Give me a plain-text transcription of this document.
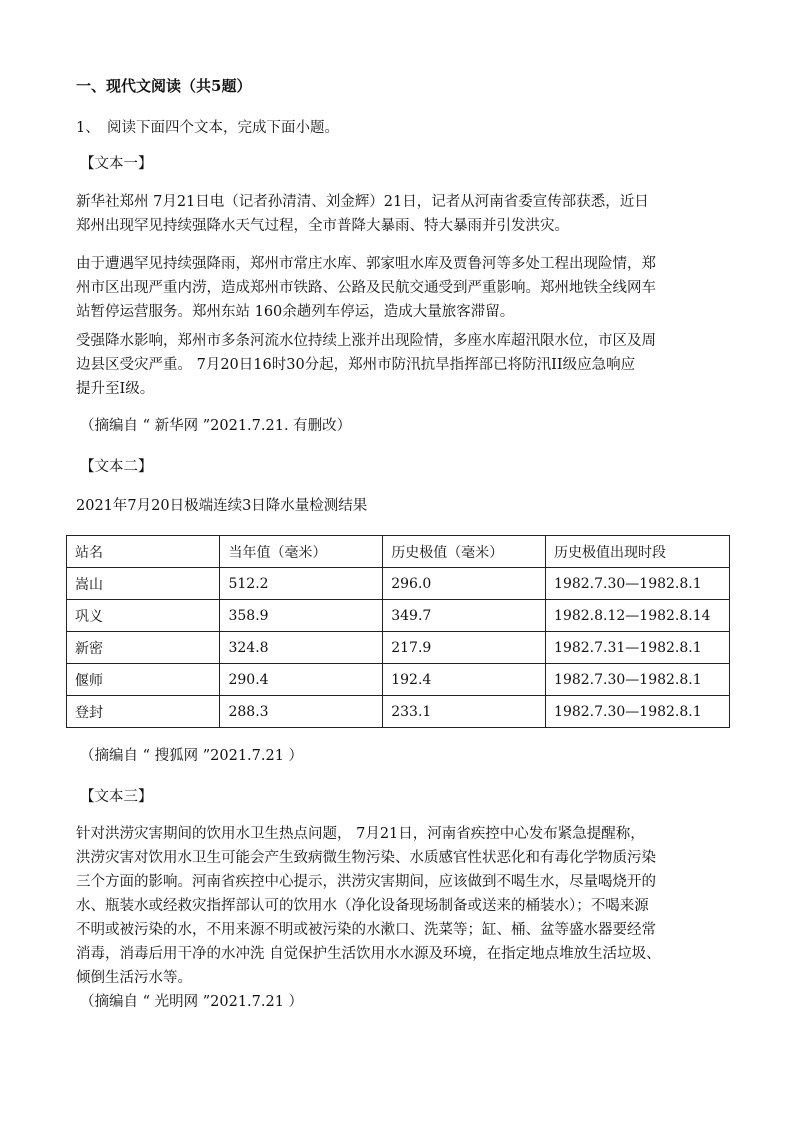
一、现代文阅读（共5题）
1、　阅读下面四个文本，完成下面小题。
【文本一】
新华社郑州 7月21日电（记者孙清清、刘金辉）21日，记者从河南省委宣传部获悉，近日
郑州出现罕见持续强降水天气过程，全市普降大暴雨、特大暴雨并引发洪灾。
由于遭遇罕见持续强降雨，郑州市常庄水库、郭家咀水库及贾鲁河等多处工程出现险情，郑
州市区出现严重内涝，造成郑州市铁路、公路及民航交通受到严重影响。郑州地铁全线网车
站暂停运营服务。郑州东站 160余趟列车停运，造成大量旅客滞留。
受强降水影响，郑州市多条河流水位持续上涨并出现险情，多座水库超汛限水位，市区及周
边县区受灾严重。 7月20日16时30分起，郑州市防汛抗旱指挥部已将防汛II级应急响应
提升至Ⅰ级。
（摘编自 “ 新华网 ”2021.7.21. 有删改）
【文本二】
2021年7月20日极端连续3日降水量检测结果
站名	当年值（毫米）	历史极值（毫米）	历史极值出现时段
嵩山	512.2	296.0	1982.7.30—1982.8.1
巩义	358.9	349.7	1982.8.12—1982.8.14
新密	324.8	217.9	1982.7.31—1982.8.1
偃师	290.4	192.4	1982.7.30—1982.8.1
登封	288.3	233.1	1982.7.30—1982.8.1
（摘编自 “ 搜狐网 ”2021.7.21 ）
【文本三】
针对洪涝灾害期间的饮用水卫生热点问题， 7月21日，河南省疾控中心发布紧急提醒称，
洪涝灾害对饮用水卫生可能会产生致病微生物污染、水质感官性状恶化和有毒化学物质污染
三个方面的影响。河南省疾控中心提示，洪涝灾害期间，应该做到不喝生水，尽量喝烧开的
水、瓶装水或经救灾指挥部认可的饮用水（净化设备现场制备或送来的桶装水）；不喝来源
不明或被污染的水，不用来源不明或被污染的水漱口、洗菜等；缸、桶、盆等盛水器要经常
消毒，消毒后用干净的水冲洗 自觉保护生活饮用水水源及环境，在指定地点堆放生活垃圾、
倾倒生活污水等。
（摘编自 “ 光明网 ”2021.7.21 ）
